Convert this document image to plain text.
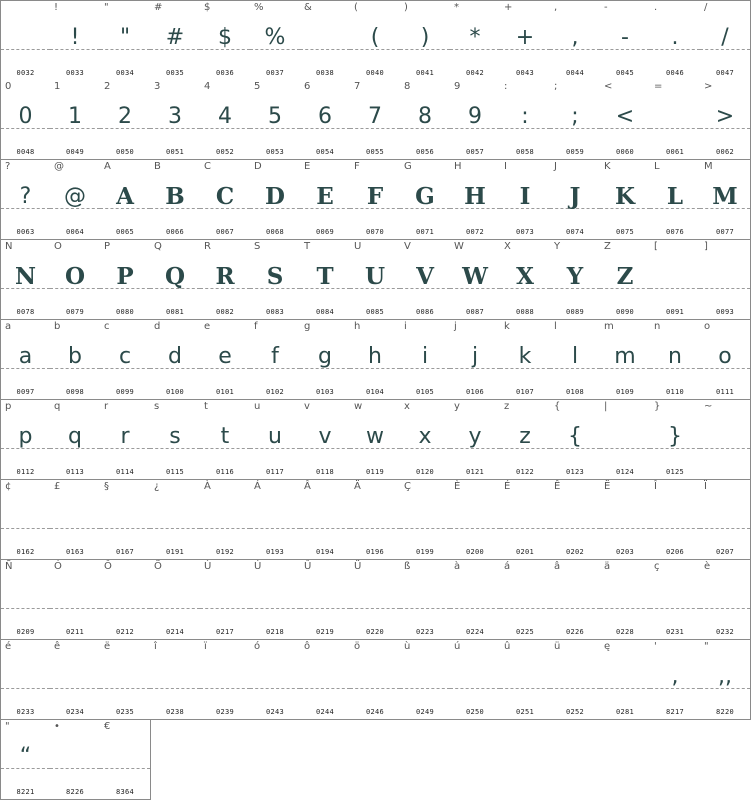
0032
!
!
0033
"
"
0034
#
#
0035
$
$
0036
%
%
0037
&
0038
(
(
0040
)
)
0041
*
*
0042
+
+
0043
,
,
0044
-
-
0045
.
.
0046
/
/
0047
0
0
0048
1
1
0049
2
2
0050
3
3
0051
4
4
0052
5
5
0053
6
6
0054
7
7
0055
8
8
0056
9
9
0057
:
:
0058
;
;
0059
<
<
0060
=
0061
>
>
0062
?
?
0063
@
@
0064
A
A
0065
B
B
0066
C
C
0067
D
D
0068
E
E
0069
F
F
0070
G
G
0071
H
H
0072
I
I
0073
J
J
0074
K
K
0075
L
L
0076
M
M
0077
N
N
0078
O
O
0079
P
P
0080
Q
Q
0081
R
R
0082
S
S
0083
T
T
0084
U
U
0085
V
V
0086
W
W
0087
X
X
0088
Y
Y
0089
Z
Z
0090
[
0091
]
0093
a
a
0097
b
b
0098
c
c
0099
d
d
0100
e
e
0101
f
f
0102
g
g
0103
h
h
0104
i
i
0105
j
j
0106
k
k
0107
l
l
0108
m
m
0109
n
n
0110
o
o
0111
p
p
0112
q
q
0113
r
r
0114
s
s
0115
t
t
0116
u
u
0117
v
v
0118
w
w
0119
x
x
0120
y
y
0121
z
z
0122
{
{
0123
|
0124
}
}
0125
~
¢
0162
£
0163
§
0167
¿
0191
À
0192
Á
0193
Â
0194
Ä
0196
Ç
0199
È
0200
É
0201
Ê
0202
Ë
0203
Î
0206
Ï
0207
Ñ
0209
Ó
0211
Ô
0212
Ö
0214
Ù
0217
Ú
0218
Û
0219
Ü
0220
ß
0223
à
0224
á
0225
â
0226
ä
0228
ç
0231
è
0232
é
0233
ê
0234
ë
0235
î
0238
ï
0239
ó
0243
ô
0244
ö
0246
ù
0249
ú
0250
û
0251
ü
0252
ę
0281
'
,
8217
"
,,
8220
"
“
8221
•
8226
€
8364
